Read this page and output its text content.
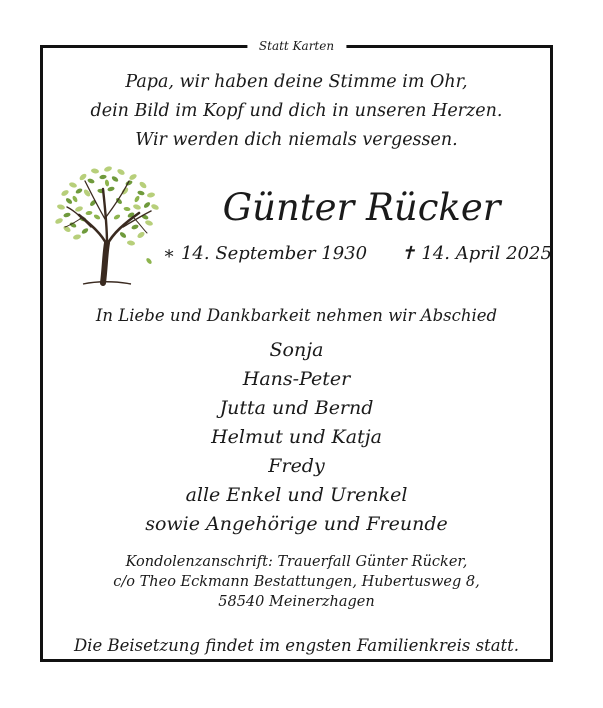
Statt Karten
Papa, wir haben deine Stimme im Ohr,
dein Bild im Kopf und dich in unseren Herzen.
Wir werden dich niemals vergessen.
Günter Rücker
∗ 14. September 1930 ✝ 14. April 2025
In Liebe und Dankbarkeit nehmen wir Abschied
Sonja
Hans-Peter
Jutta und Bernd
Helmut und Katja
Fredy
alle Enkel und Urenkel
sowie Angehörige und Freunde
Kondolenzanschrift: Trauerfall Günter Rücker,
c/o Theo Eckmann Bestattungen, Hubertusweg 8,
58540 Meinerzhagen
Die Beisetzung findet im engsten Familienkreis statt.
